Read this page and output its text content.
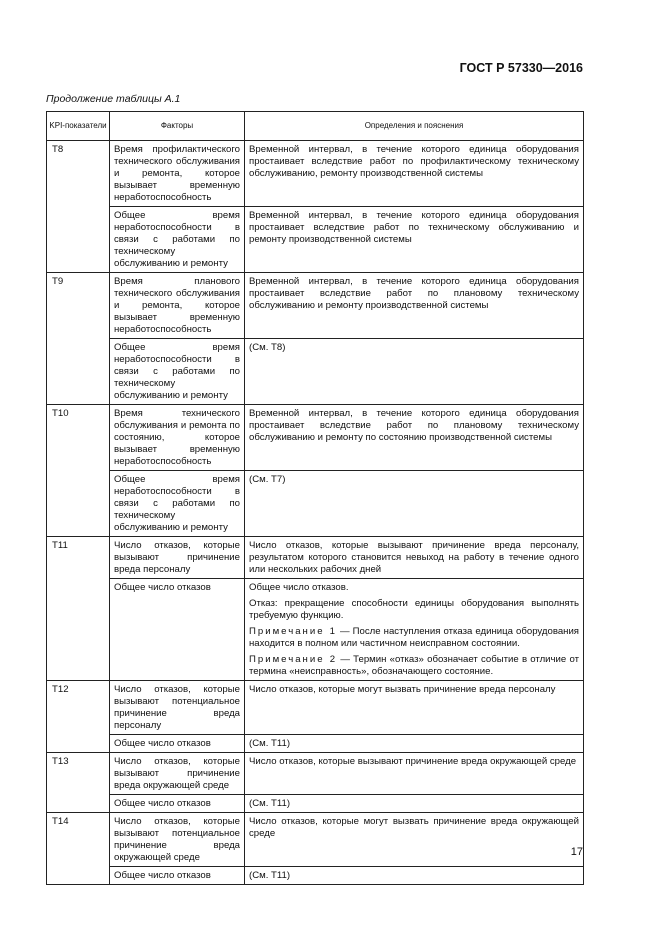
ГОСТ Р 57330—2016
Продолжение таблицы А.1
KPI-показатели	Факторы	Определения и пояснения
T8	Время профилактического технического обслуживания и ремонта, которое вызывает временную неработоспособность	Временной интервал, в течение которого единица оборудования простаивает вследствие работ по профилактическому техническому обслуживанию, ремонту производственной системы

	Общее время неработоспособности в связи с работами по техническому обслуживанию и ремонту	Временной интервал, в течение которого единица оборудования простаивает вследствие работ по техническому обслуживанию и ремонту производственной системы

T9	Время планового технического обслуживания и ремонта, которое вызывает временную неработоспособность	Временной интервал, в течение которого единица оборудования простаивает вследствие работ по плановому техническому обслуживанию и ремонту производственной системы

	Общее время неработоспособности в связи с работами по техническому обслуживанию и ремонту	(См. Т8)

T10	Время технического обслуживания и ремонта по состоянию, которое вызывает временную неработоспособность	Временной интервал, в течение которого единица оборудования простаивает вследствие работ по плановому техническому обслуживанию и ремонту по состоянию производственной системы

	Общее время неработоспособности в связи с работами по техническому обслуживанию и ремонту	(См. Т7)

T11	Число отказов, которые вызывают причинение вреда персоналу	Число отказов, которые вызывают причинение вреда персоналу, результатом которого становится невыход на работу в течение одного или нескольких рабочих дней

	Общее число отказов	Общее число отказов.

Отказ: прекращение способности единицы оборудования выполнять требуемую функцию.

Примечание 1 — После наступления отказа единица оборудования находится в полном или частичном неисправном состоянии.

Примечание 2 — Термин «отказ» обозначает событие в отличие от термина «неисправность», обозначающего состояние.

T12	Число отказов, которые вызывают потенциальное причинение вреда персоналу	Число отказов, которые могут вызвать причинение вреда персоналу

	Общее число отказов	(См. Т11)

T13	Число отказов, которые вызывают причинение вреда окружающей среде	Число отказов, которые вызывают причинение вреда окружающей среде

	Общее число отказов	(См. Т11)

T14	Число отказов, которые вызывают потенциальное причинение вреда окружающей среде	Число отказов, которые могут вызвать причинение вреда окружающей среде

	Общее число отказов	(См. Т11)

17
